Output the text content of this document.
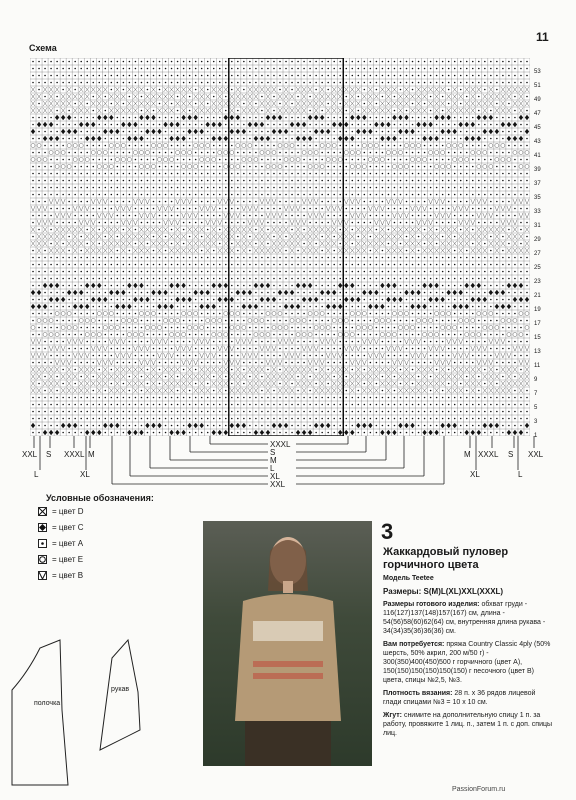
11
Схема
53
51
49
47
45
43
41
39
37
35
33
31
29
27
25
23
21
19
17
15
13
11
9
7
5
3
1
XXL S XXXL M
L	XL
XXXL
S
M
L
XL
XXL
M XXXL S XXL
XL	L
Условные обозначения:
= цвет D
= цвет C
= цвет A
= цвет E
= цвет B
полочка
рукав
3
Жаккардовый пуловер горчичного цвета
Модель Teetee
Размеры: S(M)L(XL)XXL(XXXL)

Размеры готового изделия: обхват груди - 116(127)137(148)157(167) см, длина - 54(56)58(60)62(64) см, внутренняя длина рукава - 34(34)35(36)36(36) см.

Вам потребуется: пряжа Country Classic 4ply (50% шерсть, 50% акрил, 200 м/50 г) - 300(350)400(450)500 г горчичного (цвет A), 150(150)150(150)150(150) г песочного (цвет B) цвета, спицы №2,5, №3.

Плотность вязания: 28 п. x 36 рядов лицевой глади спицами №3 = 10 x 10 см.

Жгут: снимите на дополнительную спицу 1 п. за работу, провяжите 1 лиц. п., затем 1 п. с доп. спицы лиц.

PassionForum.ru
